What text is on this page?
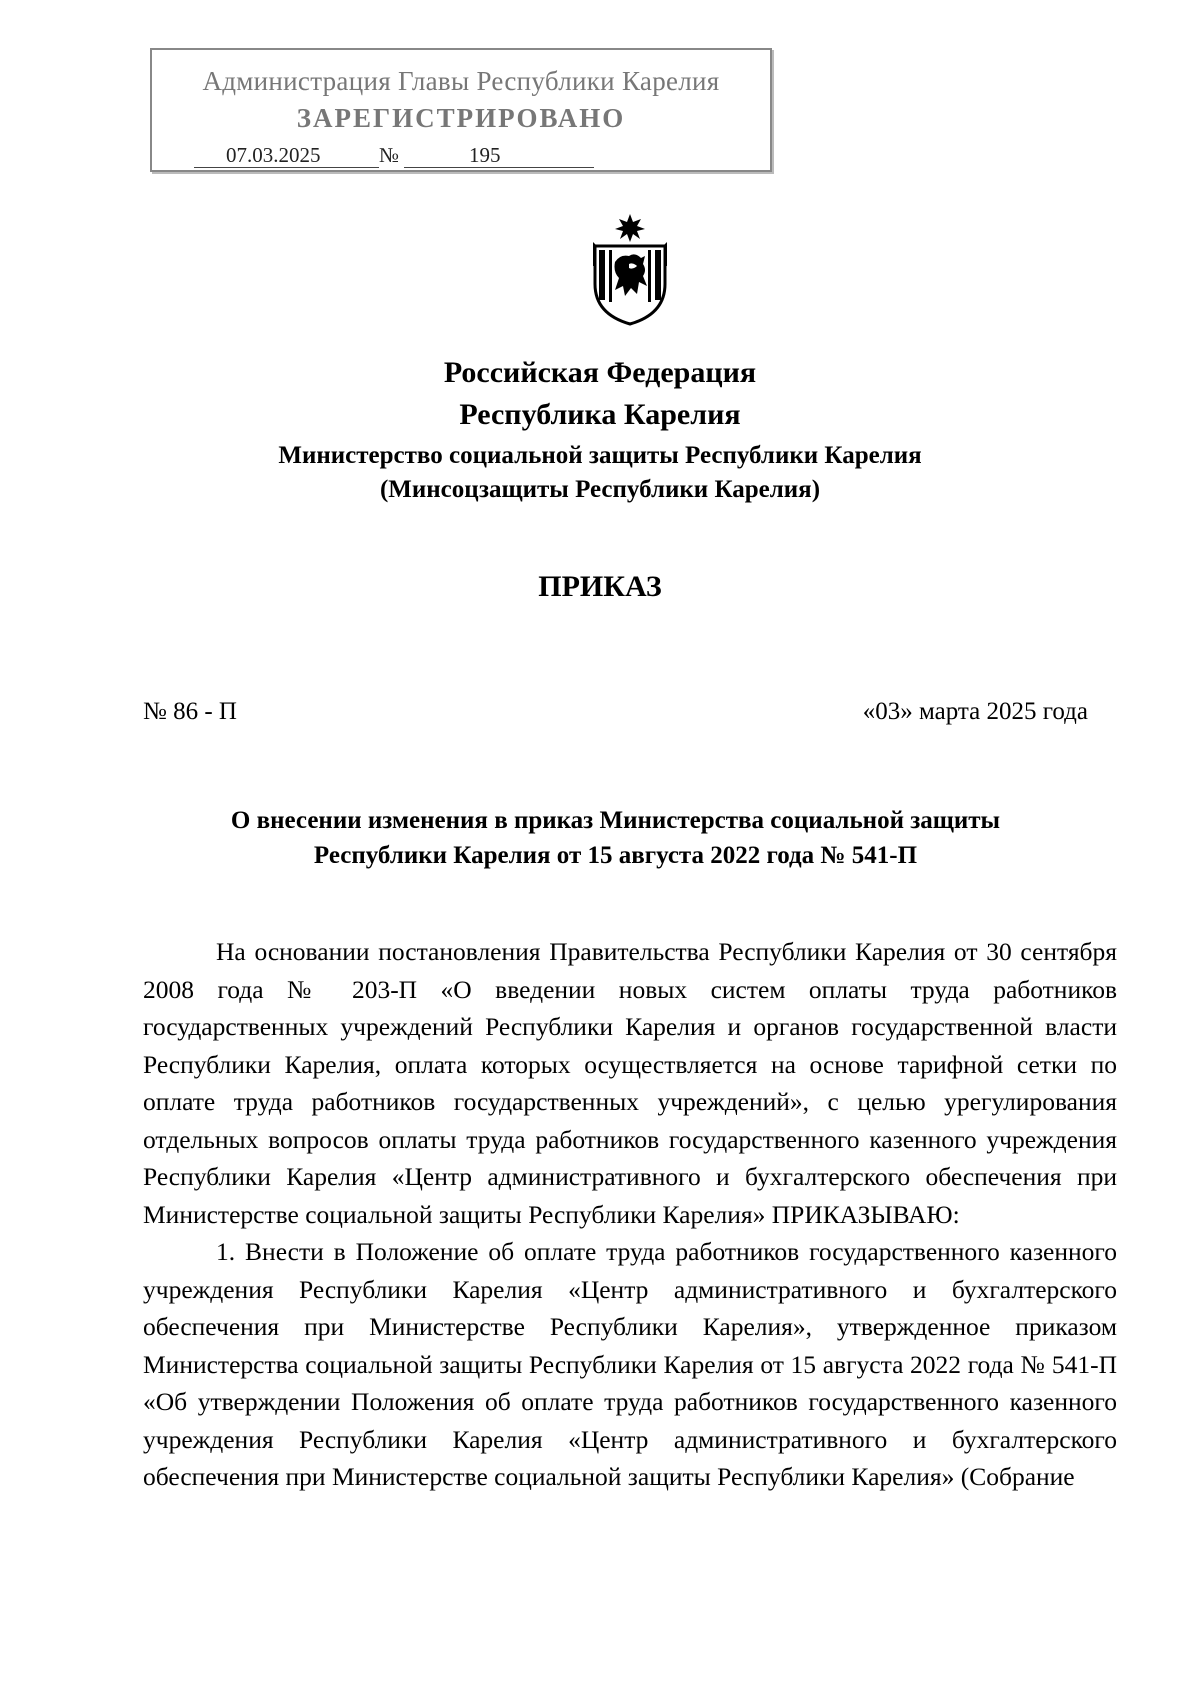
Администрация Главы Республики Карелия
ЗАРЕГИСТРИРОВАНО
07.03.2025	№	195
Российская Федерация
Республика Карелия
Министерство социальной защиты Республики Карелия
(Минсоцзащиты Республики Карелия)
ПРИКАЗ
№ 86 - П	«03» марта 2025 года
О внесении изменения в приказ Министерства социальной защиты
Республики Карелия от 15 августа 2022 года № 541-П

На основании постановления Правительства Республики Карелия от 30 сентября 2008 года № 203-П «О введении новых систем оплаты труда работников государственных учреждений Республики Карелия и органов государственной власти Республики Карелия, оплата которых осуществляется на основе тарифной сетки по оплате труда работников государственных учреждений», с целью урегулирования отдельных вопросов оплаты труда работников государственного казенного учреждения Республики Карелия «Центр административного и бухгалтерского обеспечения при Министерстве социальной защиты Республики Карелия» ПРИКАЗЫВАЮ:

1. Внести в Положение об оплате труда работников государственного казенного учреждения Республики Карелия «Центр административного и бухгалтерского обеспечения при Министерстве Республики Карелия», утвержденное приказом Министерства социальной защиты Республики Карелия от 15 августа 2022 года № 541-П «Об утверждении Положения об оплате труда работников государственного казенного учреждения Республики Карелия «Центр административного и бухгалтерского обеспечения при Министерстве социальной защиты Республики Карелия» (Собрание
